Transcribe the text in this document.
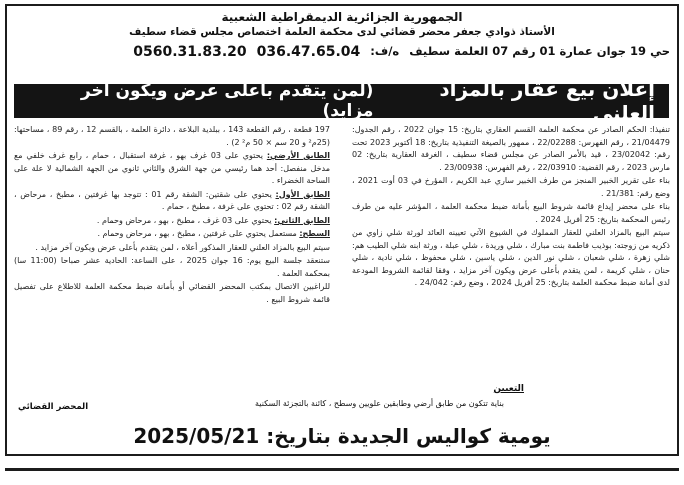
الجمهورية الجزائرية الديمقراطية الشعبية
الأستاذ ذوادي جعفر محضر قضائي لدى محكمة العلمة اختصاص مجلس قضاء سطيف
حي 19 جوان عمارة 01 رقم 07 العلمة سطيف
ه/ف:
036.47.65.04
0560.31.83.20
إعلان بيع عقار بالمزاد العلني
(لمن يتقدم بأعلى عرض ويكون آخر مزايد)

تنفيذا: الحكم الصادر عن محكمة العلمة القسم العقاري بتاريخ: 15 جوان 2022 ، رقم الجدول: 21/04479 ، رقم الفهرس: 22/02288 ، ممهور بالصيغة التنفيذية بتاريخ: 18 أكتوبر 2023 تحت رقم: 23/02042 ، قيد بالأمر الصادر عن مجلس قضاء سطيف ، الغرفة العقارية بتاريخ: 02 مارس 2023 ، رقم القضية: 22/03910 ، رقم الفهرس: 23/00938 .

بناء على تقرير الخبير المنجز من طرف الخبير ساري عبد الكريم ، المؤرخ في 03 أوت 2021 ، وضع رقم: 21/381 .

بناء على محضر إيداع قائمة شروط البيع بأمانة ضبط محكمة العلمة ، المؤشر عليه من طرف رئيس المحكمة بتاريخ: 25 أفريل 2024 .

سيتم البيع بالمزاد العلني للعقار المملوك في الشيوع الآتي تعيينه العائد لورثة شلي زاوي من ذكريه من زوجته: بوذيب فاطمة بنت مبارك ، شلي وريدة ، شلي عبلة ، ورثة ابنه شلي الطيب هم: شلي زهرة ، شلي شعبان ، شلي نور الدين ، شلي ياسين ، شلي محفوظ ، شلي نادية ، شلي حنان ، شلي كريمة ، لمن يتقدم بأعلى عرض ويكون آخر مزايد ، وفقا لقائمة الشروط المودعة لدى أمانة ضبط محكمة العلمة بتاريخ: 25 أفريل 2024 ، وضع رقم: 24/042 .

التعيين
بناية تتكون من طابق أرضي وطابقين علويين وسطح ، كائنة بالتجزئة السكنية

197 قطعة ، رقم القطعة 143 ، ببلدية البلاعة ، دائرة العلمة ، بالقسم 12 ، رقم 89 ، مساحتها: (25م² و 20 سم × 50 م² 2) .

الطابق الأرضي: يحتوي على 03 غرف بهو ، غرفة استقبال ، حمام ، رابع غرف خلفي مع مدخل منفصل: أحد هما رئيسي من جهة الشرق والثاني ثانوي من الجهة الشمالية لا علة على الساحة الخضراء .

الطابق الأول: يحتوي على شقتين: الشقة رقم 01 : تتوجد بها غرفتين ، مطبخ ، مرحاض ، الشقة رقم 02 : تحتوي على غرفة ، مطبخ ، حمام .

الطابق الثاني: يحتوي على 03 غرف ، مطبخ ، بهو ، مرحاض وحمام .

السطح: مستعمل يحتوي على غرفتين ، مطبخ ، بهو ، مرحاض وحمام .

سيتم البيع بالمزاد العلني للعقار المذكور أعلاه ، لمن يتقدم بأعلى عرض ويكون آخر مزايد .

ستنعقد جلسة البيع يوم: 16 جوان 2025 ، على الساعة: الحادية عشر صباحا (11:00 سا) بمحكمة العلمة .

للراغبين الاتصال بمكتب المحضر القضائي أو بأمانة ضبط محكمة العلمة للاطلاع على تفصيل قائمة شروط البيع .

المحضر القضائي
يومية كواليس الجديدة بتاريخ: 2025/05/21
